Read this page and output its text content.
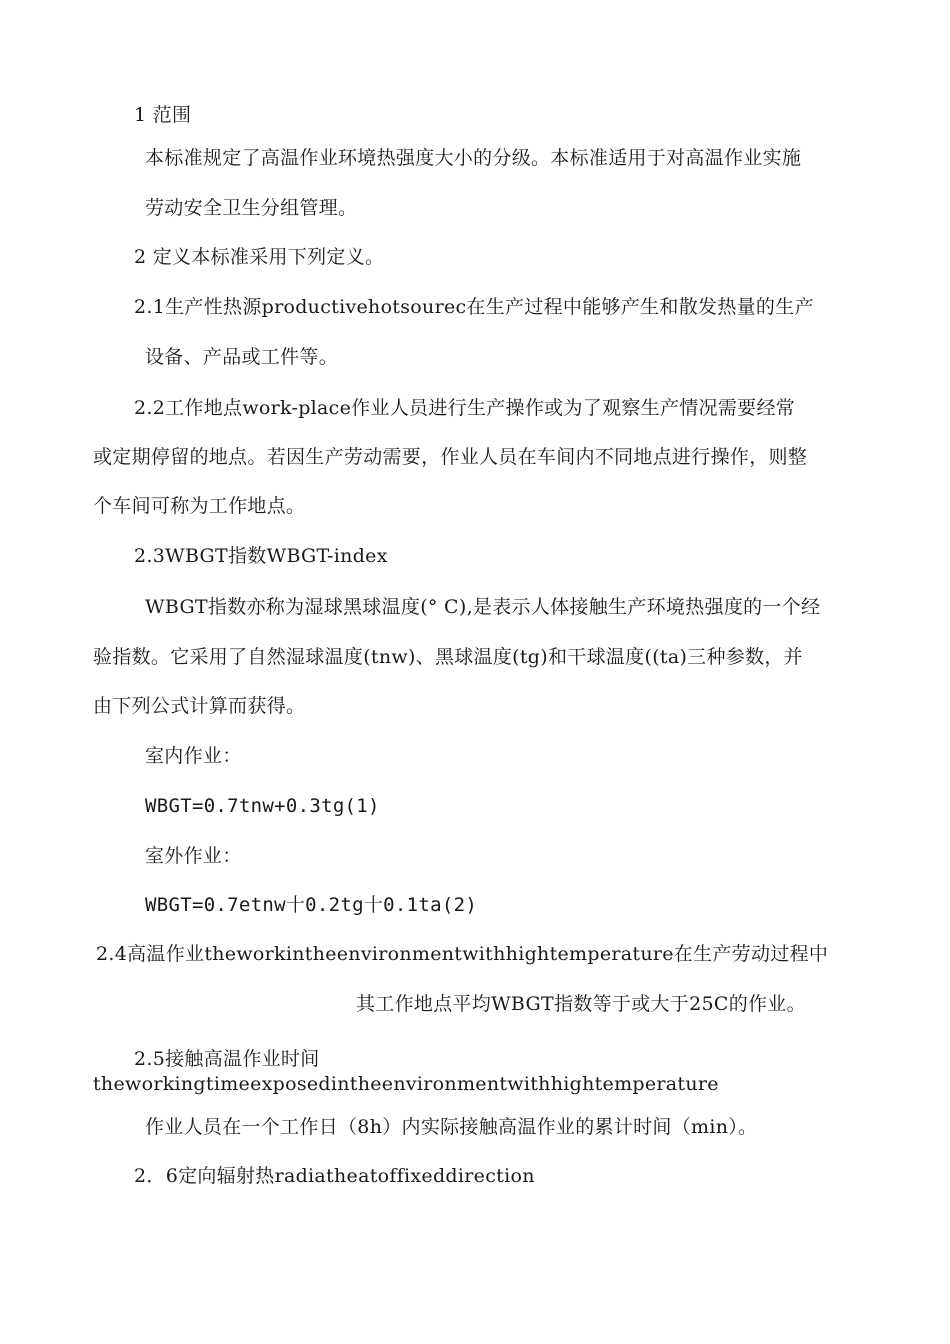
1 范围
本标准规定了高温作业环境热强度大小的分级。本标准适用于对高温作业实施
劳动安全卫生分组管理。
2 定义本标准采用下列定义。
2.1生产性热源productivehotsourec在生产过程中能够产生和散发热量的生产
设备、产品或工件等。
2.2工作地点work-place作业人员进行生产操作或为了观察生产情况需要经常
或定期停留的地点。若因生产劳动需要，作业人员在车间内不同地点进行操作，则整
个车间可称为工作地点。
2.3WBGT指数WBGT-index
WBGT指数亦称为湿球黑球温度(° C),是表示人体接触生产环境热强度的一个经
验指数。它采用了自然湿球温度(tnw)、黑球温度(tg)和干球温度((ta)三种参数，并
由下列公式计算而获得。
室内作业：
WBGT=0.7tnw+0.3tg(1)
室外作业：
WBGT=0.7etnw十0.2tg十0.1ta(2)
2.4高温作业theworkintheenvironmentwithhightemperature在生产劳动过程中
其工作地点平均WBGT指数等于或大于25C的作业。
2.5接触高温作业时间
theworkingtimeexposedintheenvironmentwithhightemperature
作业人员在一个工作日（8h）内实际接触高温作业的累计时间（min）。
2．6定向辐射热radiatheatoffixeddirection
